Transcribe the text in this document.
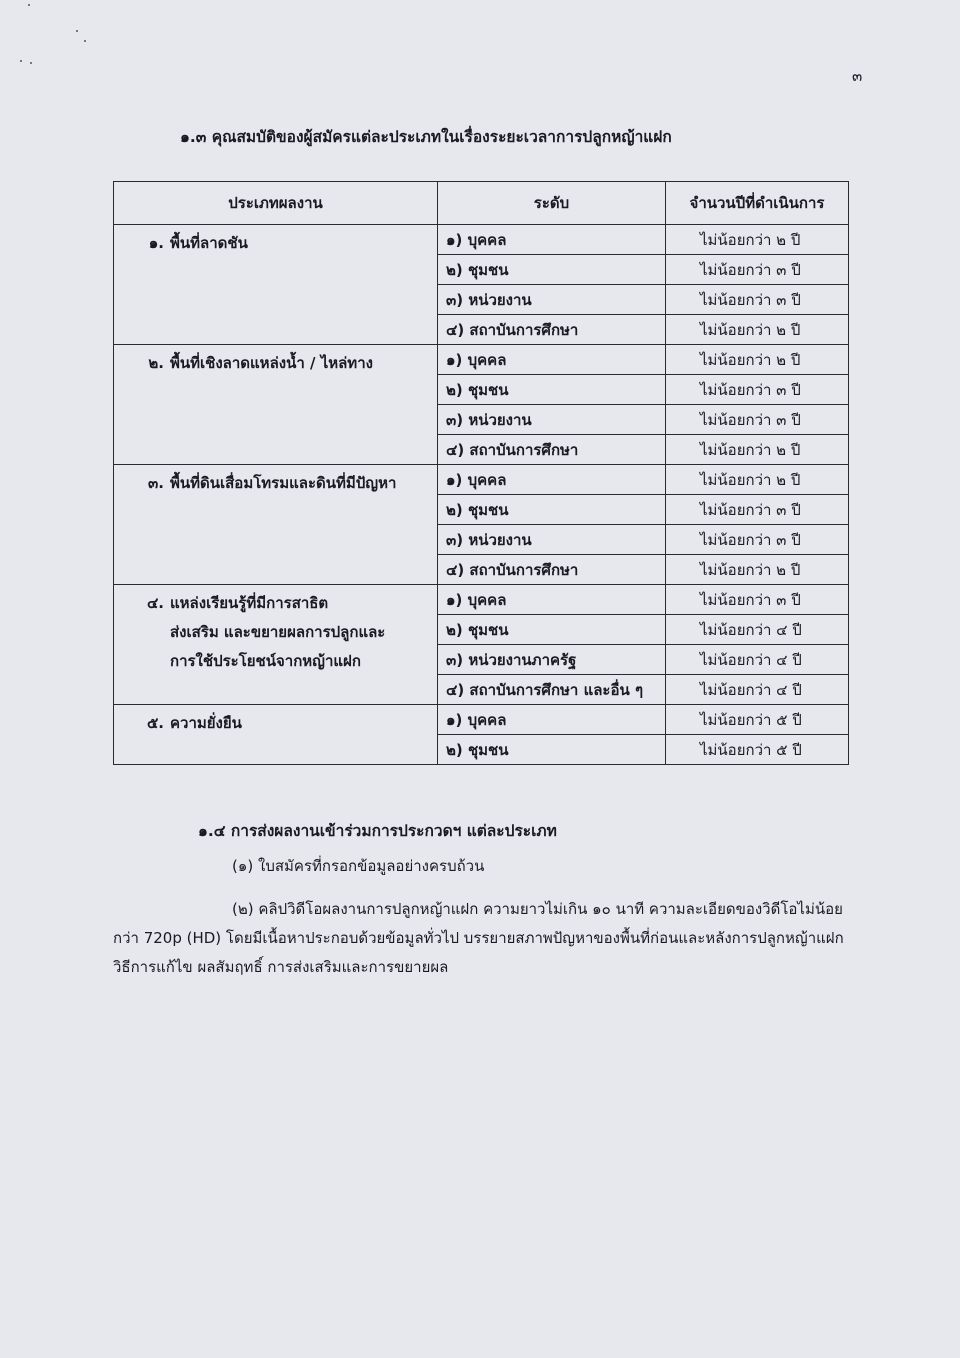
๓
๑.๓ คุณสมบัติของผู้สมัครแต่ละประเภทในเรื่องระยะเวลาการปลูกหญ้าแฝก
ประเภทผลงาน	ระดับ	จำนวนปีที่ดำเนินการ
๑. พื้นที่ลาดชัน	๑) บุคคล	ไม่น้อยกว่า ๒ ปี
	๒) ชุมชน	ไม่น้อยกว่า ๓ ปี
	๓) หน่วยงาน	ไม่น้อยกว่า ๓ ปี
	๔) สถาบันการศึกษา	ไม่น้อยกว่า ๒ ปี
๒. พื้นที่เชิงลาดแหล่งน้ำ / ไหล่ทาง	๑) บุคคล	ไม่น้อยกว่า ๒ ปี
	๒) ชุมชน	ไม่น้อยกว่า ๓ ปี
	๓) หน่วยงาน	ไม่น้อยกว่า ๓ ปี
	๔) สถาบันการศึกษา	ไม่น้อยกว่า ๒ ปี
๓. พื้นที่ดินเสื่อมโทรมและดินที่มีปัญหา	๑) บุคคล	ไม่น้อยกว่า ๒ ปี
	๒) ชุมชน	ไม่น้อยกว่า ๓ ปี
	๓) หน่วยงาน	ไม่น้อยกว่า ๓ ปี
	๔) สถาบันการศึกษา	ไม่น้อยกว่า ๒ ปี
๔. แหล่งเรียนรู้ที่มีการสาธิต
ส่งเสริม และขยายผลการปลูกและ
การใช้ประโยชน์จากหญ้าแฝก	๑) บุคคล	ไม่น้อยกว่า ๓ ปี
	๒) ชุมชน	ไม่น้อยกว่า ๔ ปี
	๓) หน่วยงานภาครัฐ	ไม่น้อยกว่า ๔ ปี
	๔) สถาบันการศึกษา และอื่น ๆ	ไม่น้อยกว่า ๔ ปี
๕. ความยั่งยืน	๑) บุคคล	ไม่น้อยกว่า ๕ ปี
	๒) ชุมชน	ไม่น้อยกว่า ๕ ปี
๑.๔ การส่งผลงานเข้าร่วมการประกวดฯ แต่ละประเภท
(๑) ใบสมัครที่กรอกข้อมูลอย่างครบถ้วน
(๒) คลิปวิดีโอผลงานการปลูกหญ้าแฝก ความยาวไม่เกิน ๑๐ นาที ความละเอียดของวิดีโอไม่น้อย
กว่า 720p (HD) โดยมีเนื้อหาประกอบด้วยข้อมูลทั่วไป บรรยายสภาพปัญหาของพื้นที่ก่อนและหลังการปลูกหญ้าแฝก
วิธีการแก้ไข ผลสัมฤทธิ์ การส่งเสริมและการขยายผล
